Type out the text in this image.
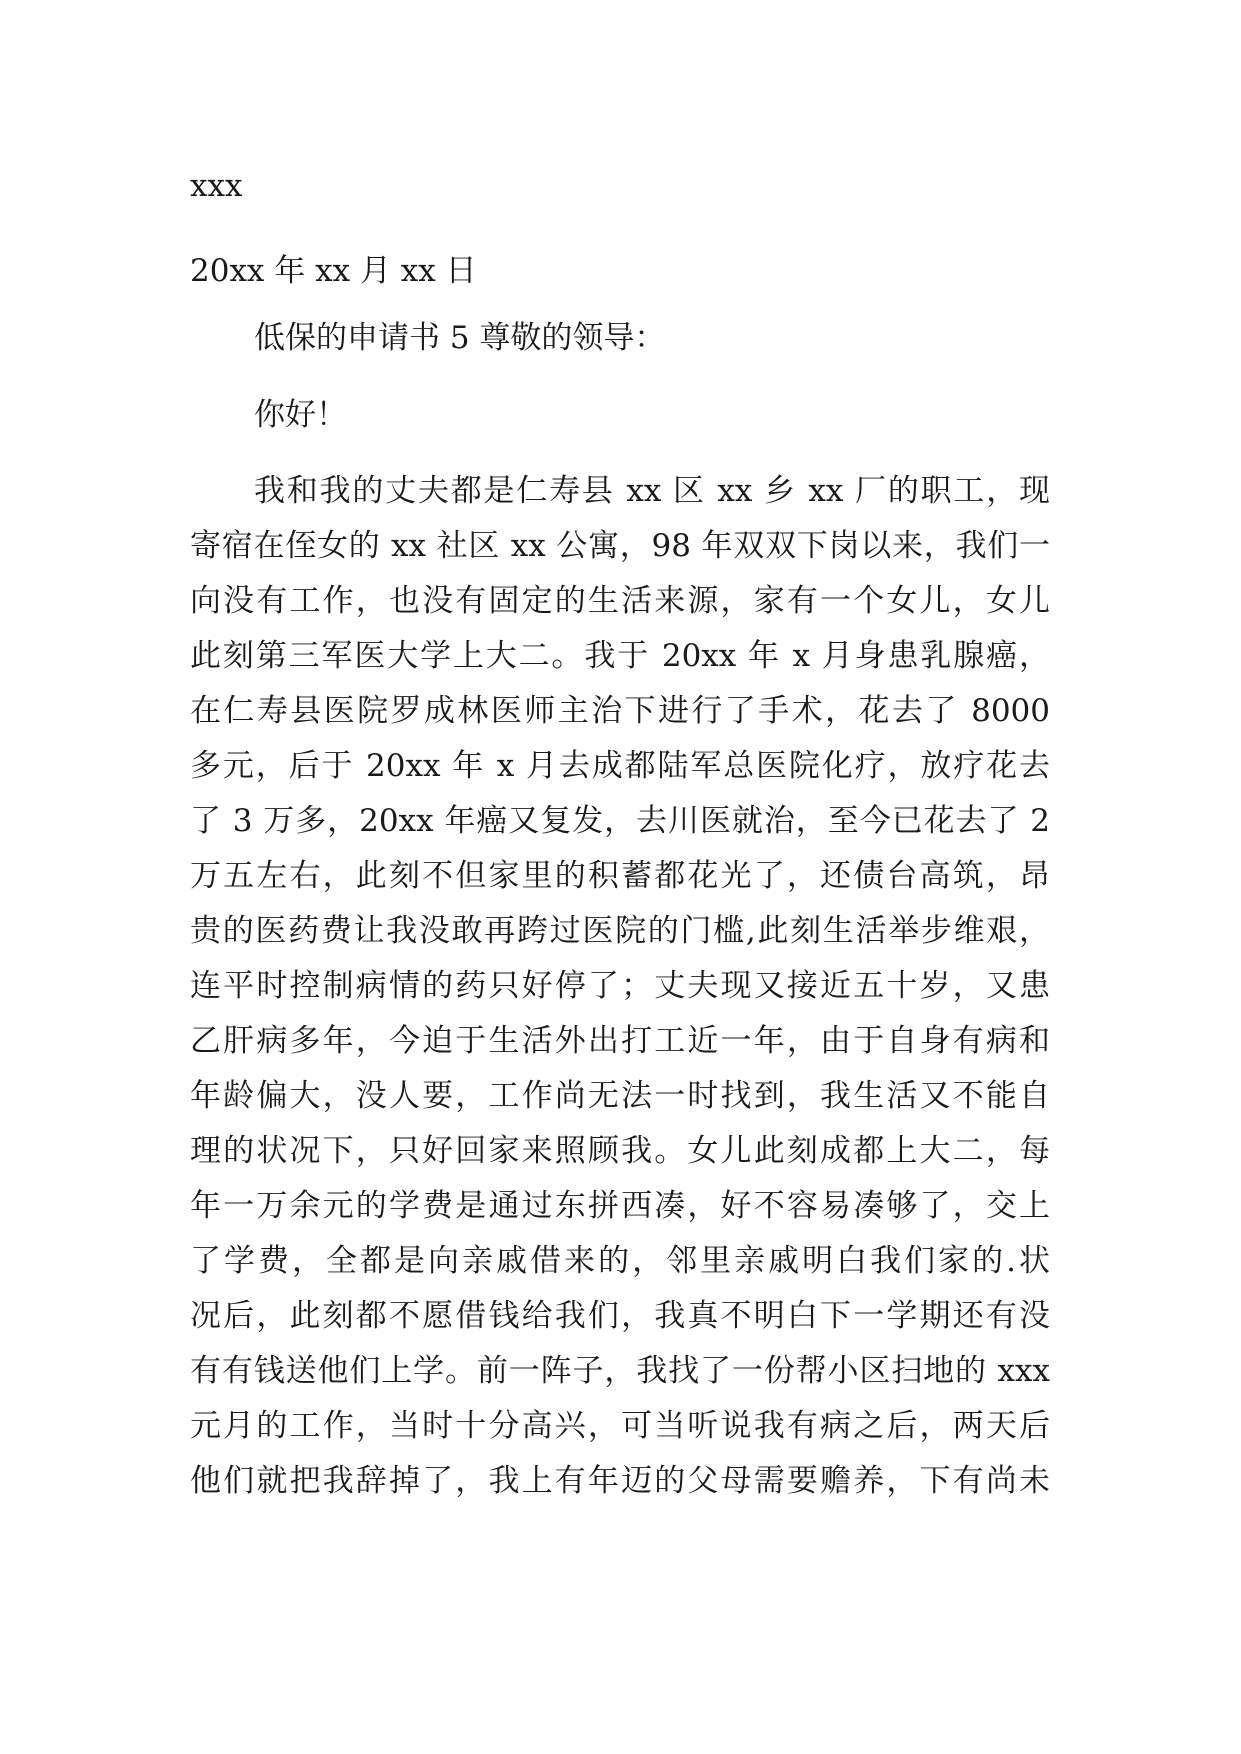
xxx

20xx 年 xx 月 xx 日

低保的申请书 5 尊敬的领导：

你好！

我和我的丈夫都是仁寿县 xx 区 xx 乡 xx 厂的职工，现

寄宿在侄女的 xx 社区 xx 公寓，98 年双双下岗以来，我们一

向没有工作，也没有固定的生活来源，家有一个女儿，女儿

此刻第三军医大学上大二。我于 20xx 年 x 月身患乳腺癌，

在仁寿县医院罗成林医师主治下进行了手术，花去了 8000

多元，后于 20xx 年 x 月去成都陆军总医院化疗，放疗花去

了 3 万多，20xx 年癌又复发，去川医就治，至今已花去了 2

万五左右，此刻不但家里的积蓄都花光了，还债台高筑，昂

贵的医药费让我没敢再跨过医院的门槛,此刻生活举步维艰，

连平时控制病情的药只好停了；丈夫现又接近五十岁，又患

乙肝病多年，今迫于生活外出打工近一年，由于自身有病和

年龄偏大，没人要，工作尚无法一时找到，我生活又不能自

理的状况下，只好回家来照顾我。女儿此刻成都上大二，每

年一万余元的学费是通过东拼西凑，好不容易凑够了，交上

了学费，全都是向亲戚借来的，邻里亲戚明白我们家的.状

况后，此刻都不愿借钱给我们，我真不明白下一学期还有没

有有钱送他们上学。前一阵子，我找了一份帮小区扫地的 xxx

元月的工作，当时十分高兴，可当听说我有病之后，两天后

他们就把我辞掉了，我上有年迈的父母需要赡养，下有尚未
